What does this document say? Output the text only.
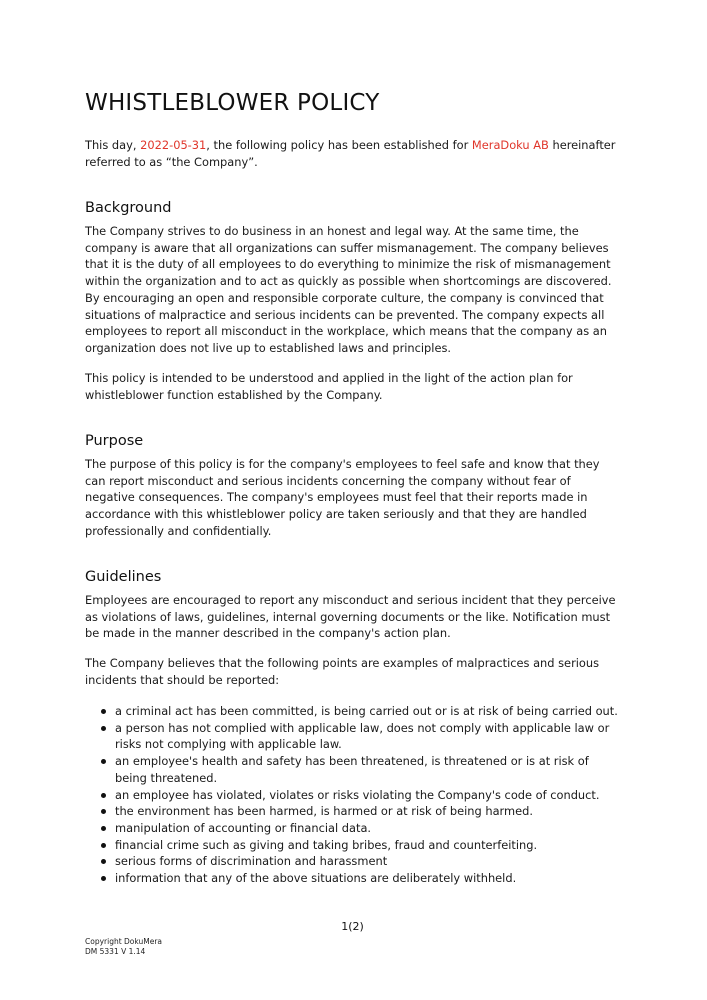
WHISTLEBLOWER POLICY

This day, 2022-05-31, the following policy has been established for MeraDoku AB hereinafter referred to as “the Company”.

Background

The Company strives to do business in an honest and legal way. At the same time, the company is aware that all organizations can suffer mismanagement. The company believes that it is the duty of all employees to do everything to minimize the risk of mismanagement within the organization and to act as quickly as possible when shortcomings are discovered. By encouraging an open and responsible corporate culture, the company is convinced that situations of malpractice and serious incidents can be prevented. The company expects all employees to report all misconduct in the workplace, which means that the company as an organization does not live up to established laws and principles.

This policy is intended to be understood and applied in the light of the action plan for whistleblower function established by the Company.

Purpose

The purpose of this policy is for the company's employees to feel safe and know that they can report misconduct and serious incidents concerning the company without fear of negative consequences. The company's employees must feel that their reports made in accordance with this whistleblower policy are taken seriously and that they are handled professionally and confidentially.

Guidelines

Employees are encouraged to report any misconduct and serious incident that they perceive as violations of laws, guidelines, internal governing documents or the like. Notification must be made in the manner described in the company's action plan.

The Company believes that the following points are examples of malpractices and serious incidents that should be reported:

a criminal act has been committed, is being carried out or is at risk of being carried out.
a person has not complied with applicable law, does not comply with applicable law or risks not complying with applicable law.
an employee's health and safety has been threatened, is threatened or is at risk of being threatened.
an employee has violated, violates or risks violating the Company's code of conduct.
the environment has been harmed, is harmed or at risk of being harmed.
manipulation of accounting or financial data.
financial crime such as giving and taking bribes, fraud and counterfeiting.
serious forms of discrimination and harassment
information that any of the above situations are deliberately withheld.

1(2)

Copyright DokuMera
DM 5331 V 1.14
